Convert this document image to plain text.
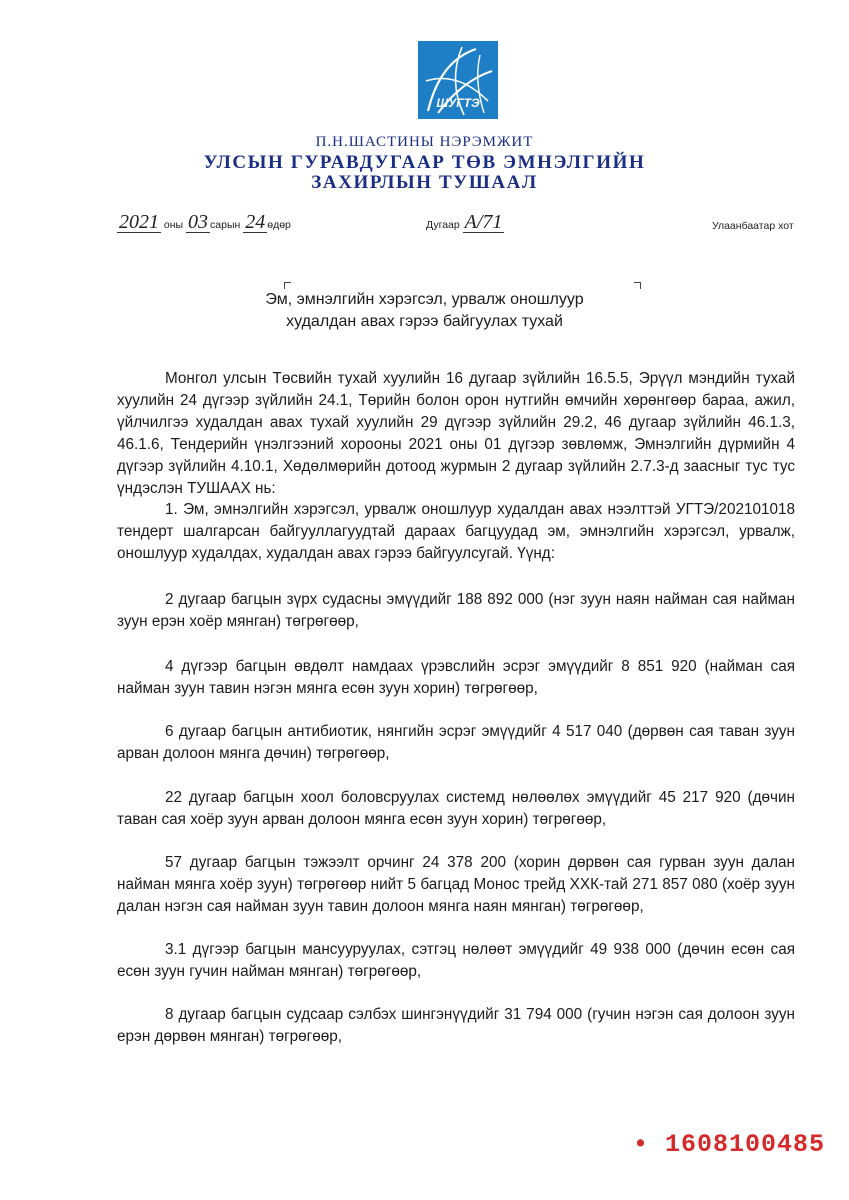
ШУГТЭ
П.Н.ШАСТИНЫ НЭРЭМЖИТ
УЛСЫН ГУРАВДУГААР ТӨВ ЭМНЭЛГИЙН
ЗАХИРЛЫН ТУШААЛ
2021 оны 03 сарын 24 өдөр	Дугаар А/71	Улаанбаатар хот
Эм, эмнэлгийн хэрэгсэл, урвалж оношлуур
худалдан авах гэрээ байгуулах тухай
Монгол улсын Төсвийн тухай хуулийн 16 дугаар зүйлийн 16.5.5, Эрүүл мэндийн тухай хуулийн 24 дүгээр зүйлийн 24.1, Төрийн болон орон нутгийн өмчийн хөрөнгөөр бараа, ажил, үйлчилгээ худалдан авах тухай хуулийн 29 дүгээр зүйлийн 29.2, 46 дугаар зүйлийн 46.1.3, 46.1.6, Тендерийн үнэлгээний хорооны 2021 оны 01 дүгээр зөвлөмж, Эмнэлгийн дүрмийн 4 дүгээр зүйлийн 4.10.1, Хөдөлмөрийн дотоод журмын 2 дугаар зүйлийн 2.7.3-д заасныг тус тус үндэслэн ТУШААХ нь:
1. Эм, эмнэлгийн хэрэгсэл, урвалж оношлуур худалдан авах нээлттэй УГТЭ/202101018 тендерт шалгарсан байгууллагуудтай дараах багцуудад эм, эмнэлгийн хэрэгсэл, урвалж, оношлуур худалдах, худалдан авах гэрээ байгуулсугай. Үүнд:
2 дугаар багцын зүрх судасны эмүүдийг 188 892 000 (нэг зуун наян найман сая найман зуун ерэн хоёр мянган) төгрөгөөр,
4 дүгээр багцын өвдөлт намдаах үрэвслийн эсрэг эмүүдийг 8 851 920 (найман сая найман зуун тавин нэгэн мянга есөн зуун хорин) төгрөгөөр,
6 дугаар багцын антибиотик, нянгийн эсрэг эмүүдийг 4 517 040 (дөрвөн сая таван зуун арван долоон мянга дөчин) төгрөгөөр,
22 дугаар багцын хоол боловсруулах системд нөлөөлөх эмүүдийг 45 217 920 (дөчин таван сая хоёр зуун арван долоон мянга есөн зуун хорин) төгрөгөөр,
57 дугаар багцын тэжээлт орчинг 24 378 200 (хорин дөрвөн сая гурван зуун далан найман мянга хоёр зуун) төгрөгөөр нийт 5 багцад Монос трейд ХХК-тай 271 857 080 (хоёр зуун далан нэгэн сая найман зуун тавин долоон мянга наян мянган) төгрөгөөр,
3.1 дүгээр багцын мансууруулах, сэтгэц нөлөөт эмүүдийг 49 938 000 (дөчин есөн сая есөн зуун гучин найман мянган) төгрөгөөр,
8 дугаар багцын судсаар сэлбэх шингэнүүдийг 31 794 000 (гучин нэгэн сая долоон зуун ерэн дөрвөн мянган) төгрөгөөр,
• 1608100485
